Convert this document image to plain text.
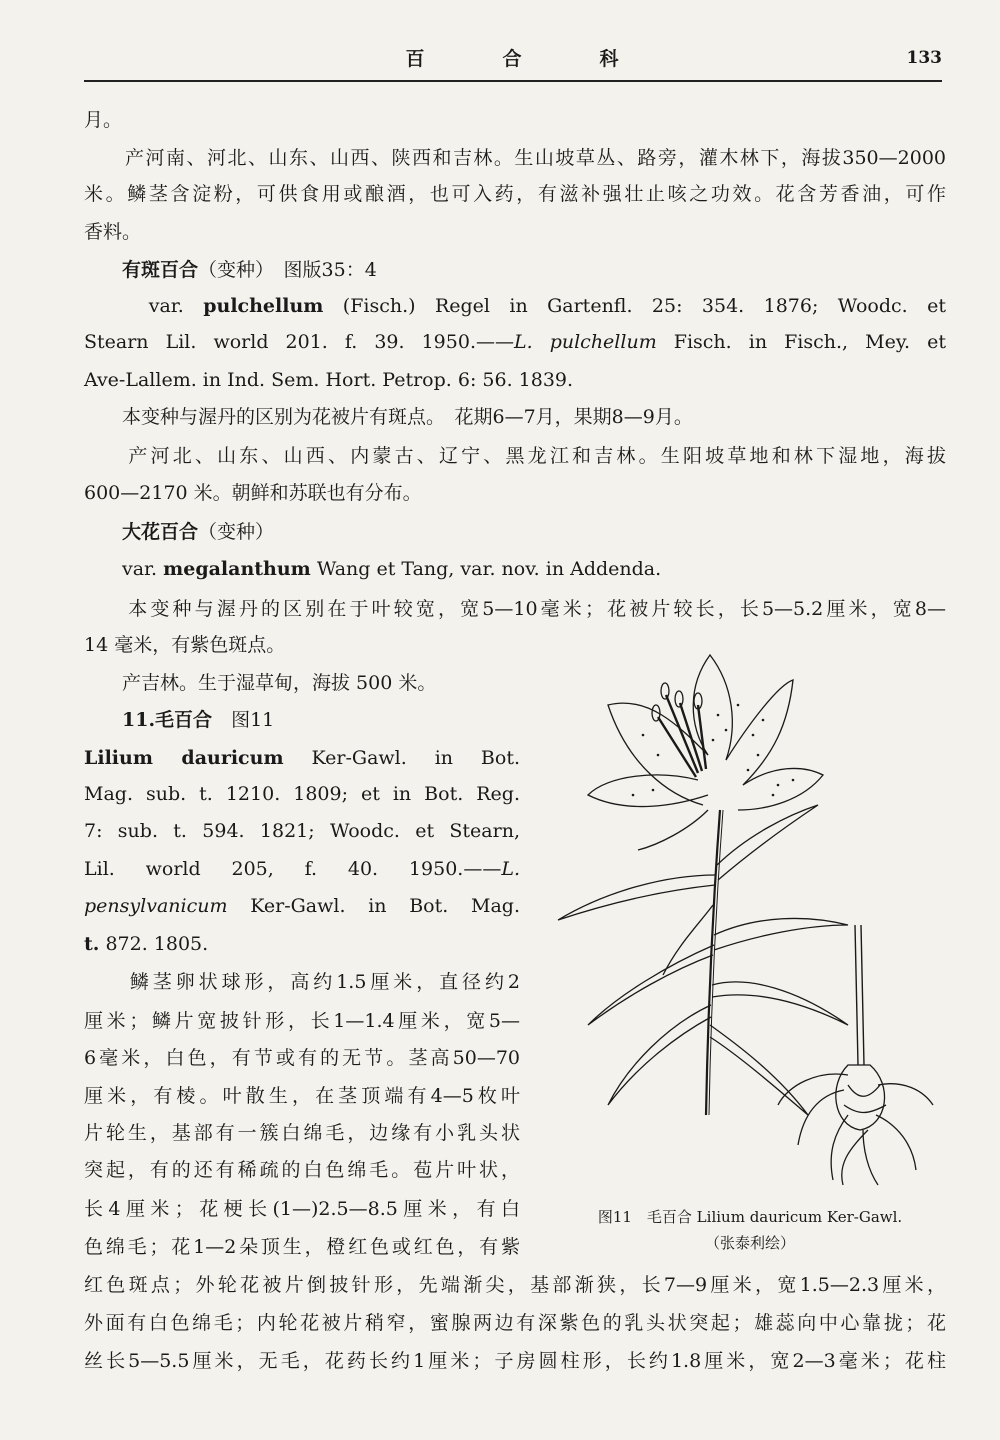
百	合	科	133
月。
　　产河南、河北、山东、山西、陕西和吉林。生山坡草丛、路旁，灌木林下，海拔350—2000
米。鳞茎含淀粉，可供食用或酿酒，也可入药，有滋补强壮止咳之功效。花含芳香油，可作
香料。
　　有斑百合（变种）　图版35：4
　　var. pulchellum (Fisch.) Regel in Gartenfl. 25: 354. 1876; Woodc. et
Stearn Lil. world 201. f. 39. 1950.——L. pulchellum Fisch. in Fisch., Mey. et
Ave-Lallem. in Ind. Sem. Hort. Petrop. 6: 56. 1839.
　　本变种与渥丹的区别为花被片有斑点。　花期6—7月，果期8—9月。
　　产河北、山东、山西、内蒙古、辽宁、黑龙江和吉林。生阳坡草地和林下湿地，海拔
600—2170 米。朝鲜和苏联也有分布。
　　大花百合（变种）
　　var. megalanthum Wang et Tang, var. nov. in Addenda.
　　本变种与渥丹的区别在于叶较宽，宽5—10毫米；花被片较长，长5—5.2厘米，宽8—
14 毫米，有紫色斑点。
　　产吉林。生于湿草甸，海拔 500 米。
　　11.毛百合　图11
Lilium dauricum Ker-Gawl. in Bot.
Mag. sub. t. 1210. 1809; et in Bot. Reg.
7: sub. t. 594. 1821; Woodc. et Stearn,
Lil. world 205, f. 40. 1950.——L.
pensylvanicum Ker-Gawl. in Bot. Mag.
t. 872. 1805.
　　鳞茎卵状球形，高约1.5厘米，直径约2
厘米；鳞片宽披针形，长1—1.4厘米，宽5—
6毫米，白色，有节或有的无节。茎高50—70
厘米，有棱。叶散生，在茎顶端有4—5枚叶
片轮生，基部有一簇白绵毛，边缘有小乳头状
突起，有的还有稀疏的白色绵毛。苞片叶状，
长4厘米；花梗长(1—)2.5—8.5厘米，有白
色绵毛；花1—2朵顶生，橙红色或红色，有紫
红色斑点；外轮花被片倒披针形，先端渐尖，基部渐狭，长7—9厘米，宽1.5—2.3厘米，
外面有白色绵毛；内轮花被片稍窄，蜜腺两边有深紫色的乳头状突起；雄蕊向中心靠拢；花
丝长5—5.5厘米，无毛，花药长约1厘米；子房圆柱形，长约1.8厘米，宽2—3毫米；花柱
图11　毛百合 Lilium dauricum Ker-Gawl.
（张泰利绘）
